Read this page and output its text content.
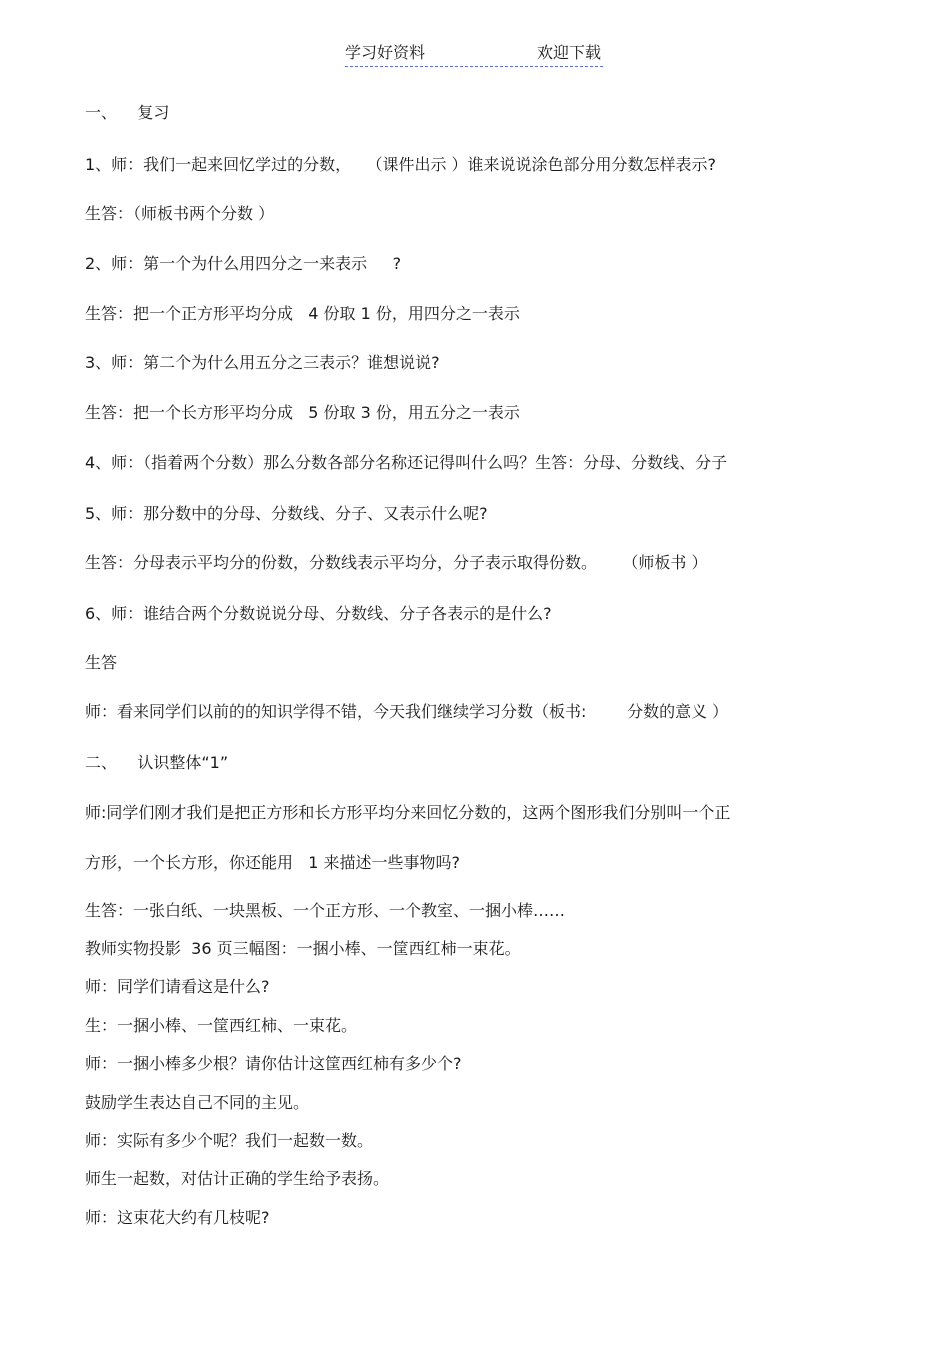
学习好资料	欢迎下载
一、    复习
1、师：我们一起来回忆学过的分数，   （课件出示 ）谁来说说涂色部分用分数怎样表示?
生答：（师板书两个分数 ）
2、师：第一个为什么用四分之一来表示     ?
生答：把一个正方形平均分成   4 份取 1 份，用四分之一表示
3、师：第二个为什么用五分之三表示？谁想说说?
生答：把一个长方形平均分成   5 份取 3 份，用五分之一表示
4、师：（指着两个分数）那么分数各部分名称还记得叫什么吗？生答：分母、分数线、分子
5、师：那分数中的分母、分数线、分子、又表示什么呢?
生答：分母表示平均分的份数，分数线表示平均分，分子表示取得份数。     （师板书 ）
6、师：谁结合两个分数说说分母、分数线、分子各表示的是什么?
生答
师：看来同学们以前的的知识学得不错，今天我们继续学习分数（板书:        分数的意义 ）
二、    认识整体“1”
师:同学们刚才我们是把正方形和长方形平均分来回忆分数的，这两个图形我们分别叫一个正
方形，一个长方形，你还能用   1 来描述一些事物吗?
生答：一张白纸、一块黑板、一个正方形、一个教室、一捆小棒……
教师实物投影  36 页三幅图：一捆小棒、一筐西红柿一束花。
师：同学们请看这是什么?
生：一捆小棒、一筐西红柿、一束花。
师：一捆小棒多少根？请你估计这筐西红柿有多少个?
鼓励学生表达自己不同的主见。
师：实际有多少个呢？我们一起数一数。
师生一起数，对估计正确的学生给予表扬。
师：这束花大约有几枝呢?
